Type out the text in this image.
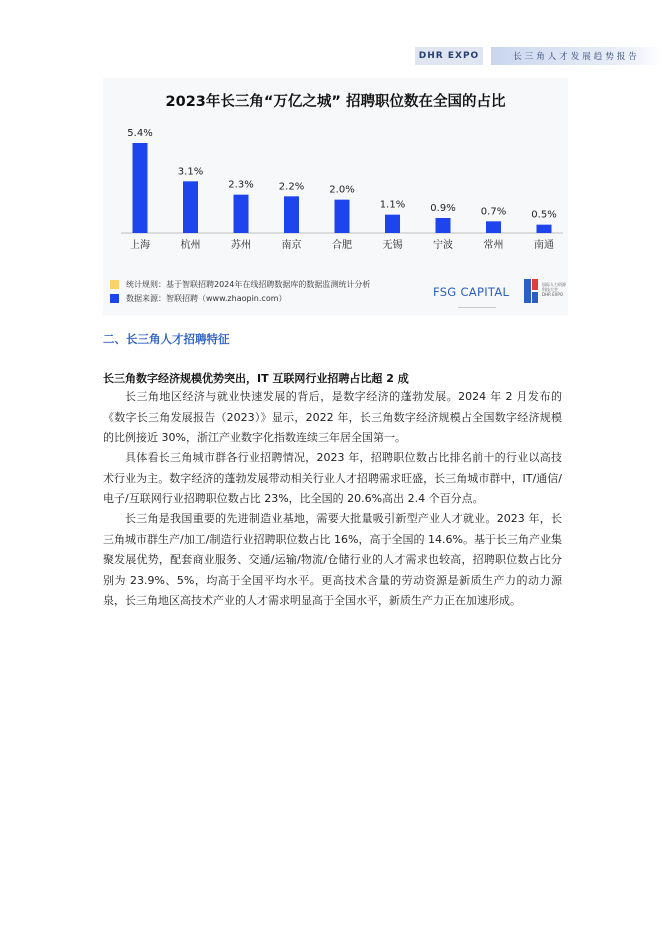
DHR EXPO	长三角人才发展趋势报告
2023年长三角“万亿之城” 招聘职位数在全国的占比
5.4%
上海
3.1%
杭州
2.3%
苏州
2.2%
南京
2.0%
合肥
1.1%
无锡
0.9%
宁波
0.7%
常州
0.5%
南通
统计规则：基于智联招聘2024年在线招聘数据库的数据监测统计分析
数据来源：智联招聘（www.zhaopin.com）	FSG CAPITAL
国际人力资源
科技大会
DHR EXPO
二、长三角人才招聘特征
长三角数字经济规模优势突出，IT 互联网行业招聘占比超 2 成

长三角地区经济与就业快速发展的背后，是数字经济的蓬勃发展。2024 年 2 月发布的《数字长三角发展报告（2023）》显示，2022 年，长三角数字经济规模占全国数字经济规模的比例接近 30%，浙江产业数字化指数连续三年居全国第一。

具体看长三角城市群各行业招聘情况，2023 年，招聘职位数占比排名前十的行业以高技术行业为主。数字经济的蓬勃发展带动相关行业人才招聘需求旺盛，长三角城市群中，IT/通信/电子/互联网行业招聘职位数占比 23%，比全国的 20.6%高出 2.4 个百分点。

长三角是我国重要的先进制造业基地，需要大批量吸引新型产业人才就业。2023 年，长三角城市群生产/加工/制造行业招聘职位数占比 16%，高于全国的 14.6%。基于长三角产业集聚发展优势，配套商业服务、交通/运输/物流/仓储行业的人才需求也较高，招聘职位数占比分别为 23.9%、5%，均高于全国平均水平。更高技术含量的劳动资源是新质生产力的动力源泉，长三角地区高技术产业的人才需求明显高于全国水平，新质生产力正在加速形成。
